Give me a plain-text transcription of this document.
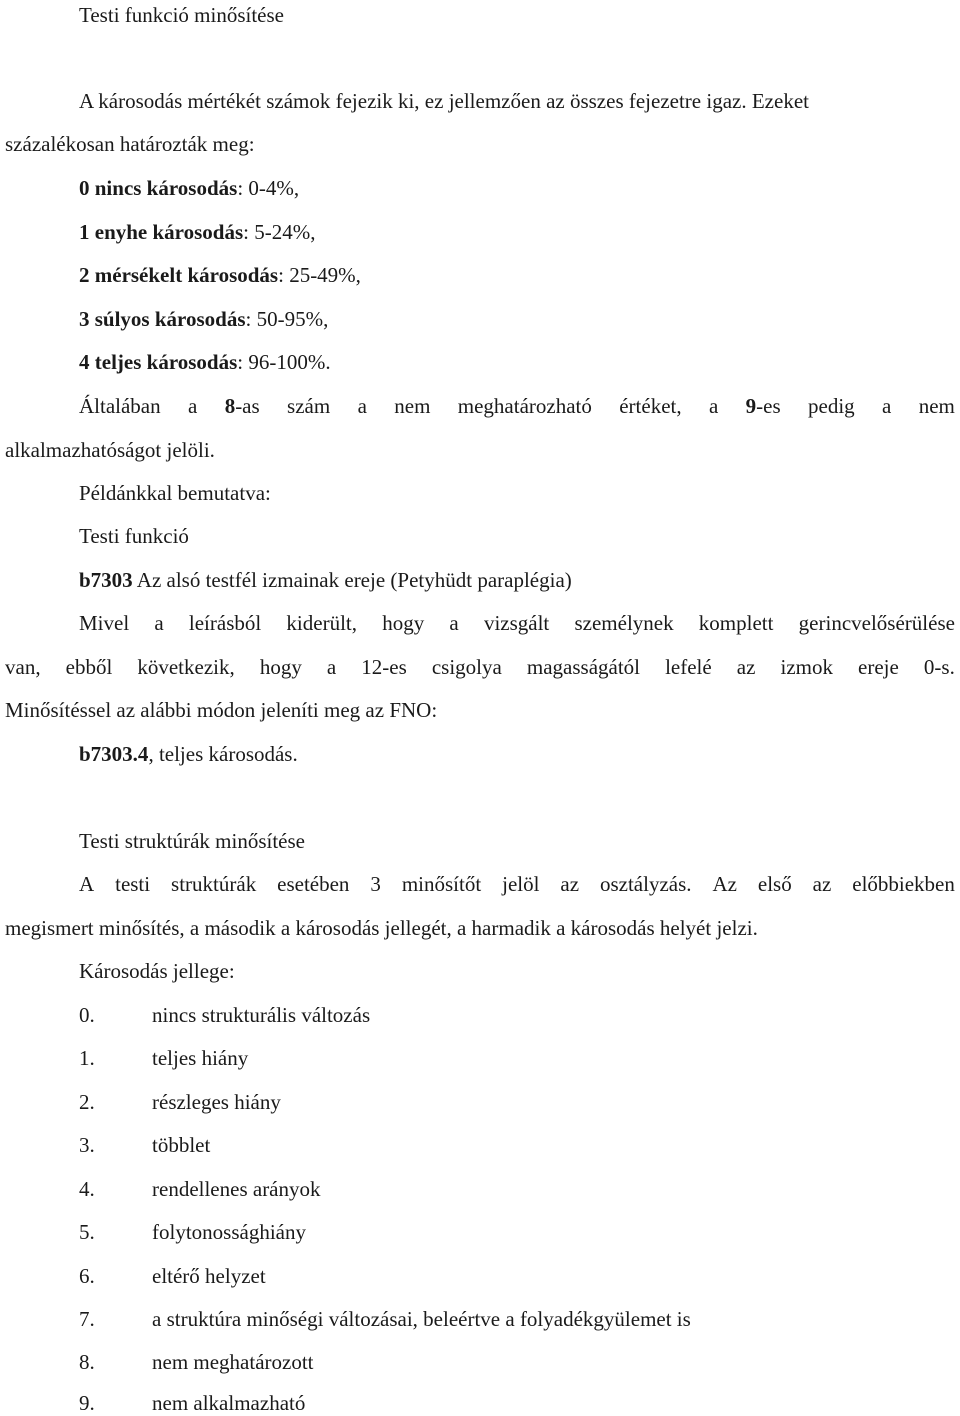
Testi funkció minősítése
A károsodás mértékét számok fejezik ki, ez jellemzően az összes fejezetre igaz. Ezeket
százalékosan határozták meg:
0 nincs károsodás: 0-4%,
1 enyhe károsodás: 5-24%,
2 mérsékelt károsodás: 25-49%,
3 súlyos károsodás: 50-95%,
4 teljes károsodás: 96-100%.
Általában a 8-as szám a nem meghatározható értéket, a 9-es pedig a nem
alkalmazhatóságot jelöli.
Példánkkal bemutatva:
Testi funkció
b7303 Az alsó testfél izmainak ereje (Petyhüdt paraplégia)
Mivel a leírásból kiderült, hogy a vizsgált személynek komplett gerincvelősérülése
van, ebből következik, hogy a 12-es csigolya magasságától lefelé az izmok ereje 0-s.
Minősítéssel az alábbi módon jeleníti meg az FNO:
b7303.4, teljes károsodás.
Testi struktúrák minősítése
A testi struktúrák esetében 3 minősítőt jelöl az osztályzás. Az első az előbbiekben
megismert minősítés, a második a károsodás jellegét, a harmadik a károsodás helyét jelzi.
Károsodás jellege:
0.	nincs strukturális változás
1.	teljes hiány
2.	részleges hiány
3.	többlet
4.	rendellenes arányok
5.	folytonossághiány
6.	eltérő helyzet
7.	a struktúra minőségi változásai, beleértve a folyadékgyülemet is
8.	nem meghatározott
9.	nem alkalmazható
